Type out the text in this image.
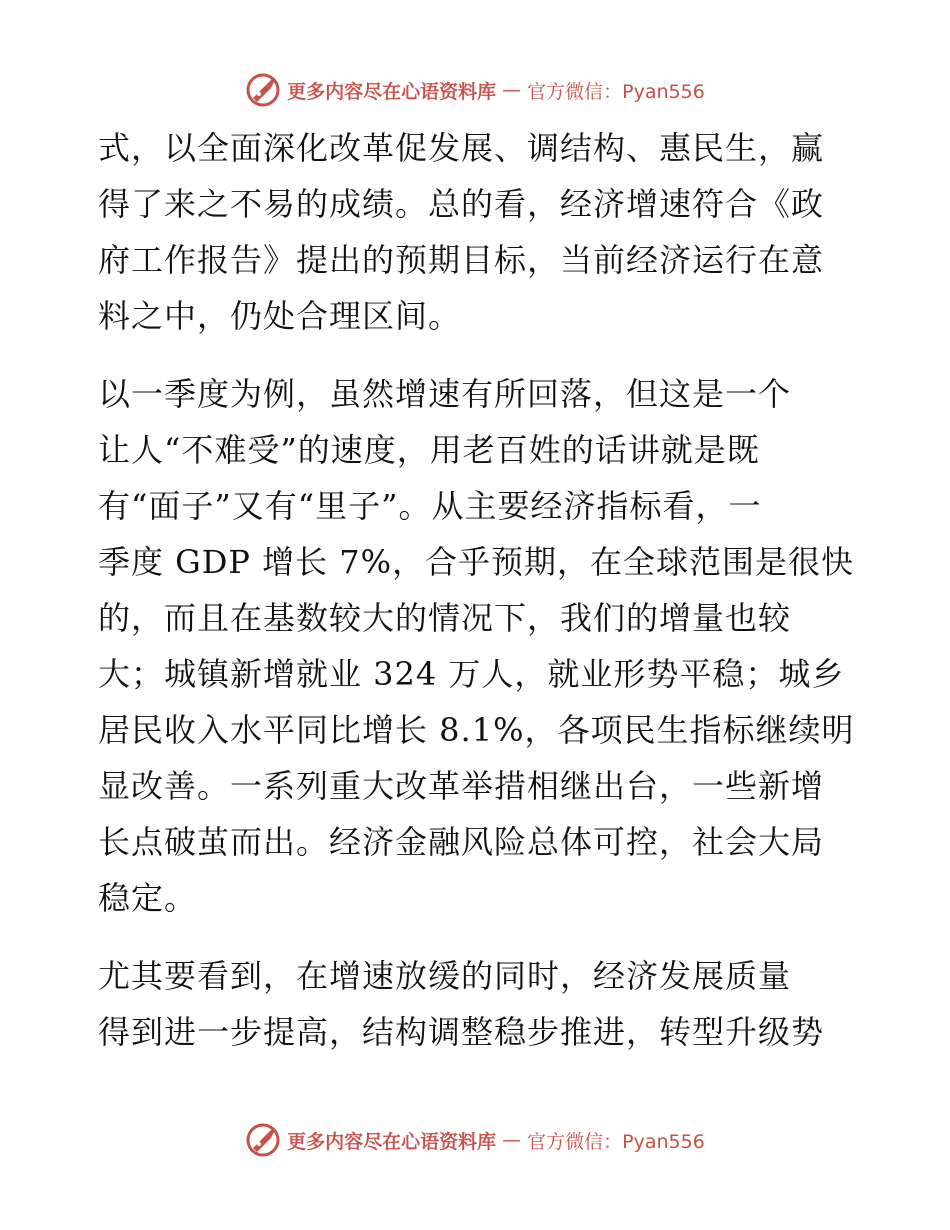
更多内容尽在心语资料库 — 官方微信：Pyan556
式，以全面深化改革促发展、调结构、惠民生，赢
得了来之不易的成绩。总的看，经济增速符合《政
府工作报告》提出的预期目标，当前经济运行在意
料之中，仍处合理区间。
以一季度为例，虽然增速有所回落，但这是一个
让人“不难受”的速度，用老百姓的话讲就是既
有“面子”又有“里子”。从主要经济指标看，一
季度 GDP 增长 7%，合乎预期，在全球范围是很快
的，而且在基数较大的情况下，我们的增量也较
大；城镇新增就业 324 万人，就业形势平稳；城乡
居民收入水平同比增长 8.1%，各项民生指标继续明
显改善。一系列重大改革举措相继出台，一些新增
长点破茧而出。经济金融风险总体可控，社会大局
稳定。
尤其要看到，在增速放缓的同时，经济发展质量
得到进一步提高，结构调整稳步推进，转型升级势
更多内容尽在心语资料库 — 官方微信：Pyan556
